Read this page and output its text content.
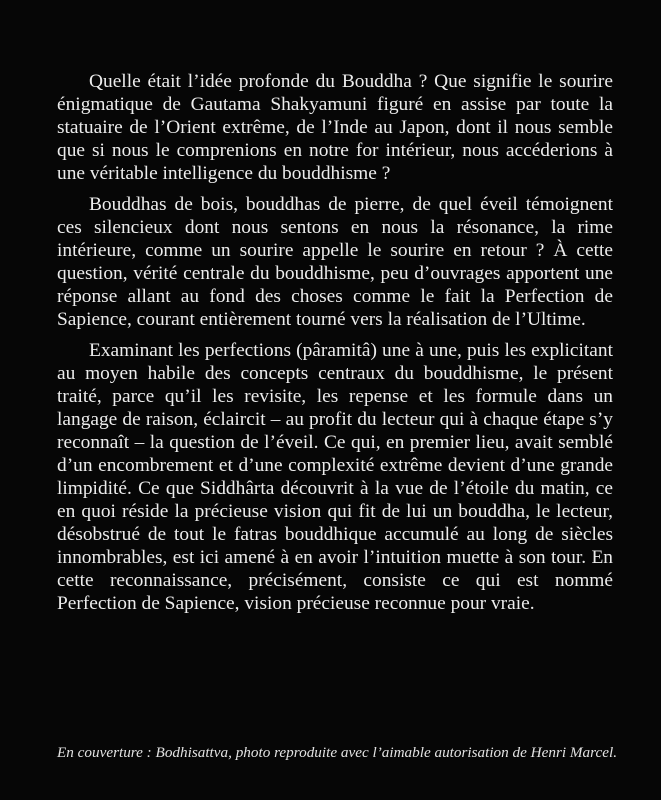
Quelle était l’idée profonde du Bouddha ? Que signifie le sourire énigmatique de Gautama Shakyamuni figuré en assise par toute la statuaire de l’Orient extrême, de l’Inde au Japon, dont il nous semble que si nous le comprenions en notre for intérieur, nous accéderions à une véritable intelligence du bouddhisme ?

Bouddhas de bois, bouddhas de pierre, de quel éveil témoignent ces silencieux dont nous sentons en nous la résonance, la rime intérieure, comme un sourire appelle le sourire en retour ? À cette question, vérité centrale du bouddhisme, peu d’ouvrages apportent une réponse allant au fond des choses comme le fait la Perfection de Sapience, courant entièrement tourné vers la réalisation de l’Ultime.

Examinant les perfections (pâramitâ) une à une, puis les explicitant au moyen habile des concepts centraux du bouddhisme, le présent traité, parce qu’il les revisite, les repense et les formule dans un langage de raison, éclaircit – au profit du lecteur qui à chaque étape s’y reconnaît – la question de l’éveil. Ce qui, en premier lieu, avait semblé d’un encombrement et d’une complexité extrême devient d’une grande limpidité. Ce que Siddhârta découvrit à la vue de l’étoile du matin, ce en quoi réside la précieuse vision qui fit de lui un bouddha, le lecteur, désobstrué de tout le fatras bouddhique accumulé au long de siècles innombrables, est ici amené à en avoir l’intuition muette à son tour. En cette reconnaissance, précisément, consiste ce qui est nommé Perfection de Sapience, vision précieuse reconnue pour vraie.

En couverture : Bodhisattva, photo reproduite avec l’aimable autorisation de Henri Marcel.
